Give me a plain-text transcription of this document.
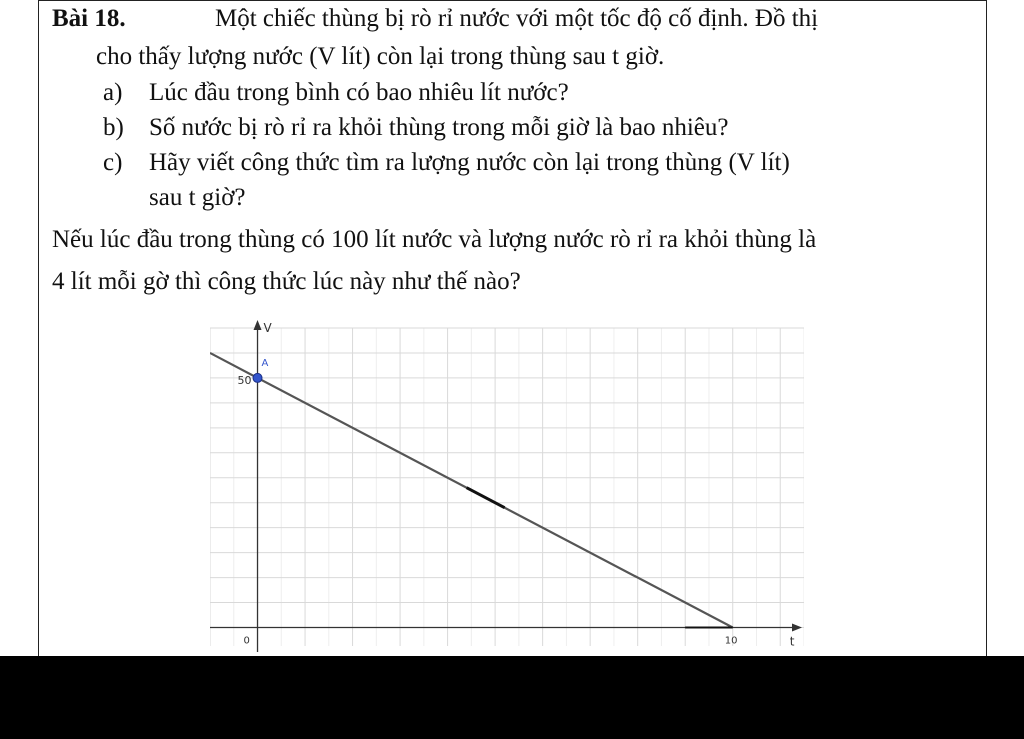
Bài 18.	Một chiếc thùng bị rò rỉ nước với một tốc độ cố định. Đồ thị
cho thấy lượng nước (V lít) còn lại trong thùng sau t giờ.
a) Lúc đầu trong bình có bao nhiêu lít nước?
b) Số nước bị rò rỉ ra khỏi thùng trong mỗi giờ là bao nhiêu?
c) Hãy viết công thức tìm ra lượng nước còn lại trong thùng (V lít)
sau t giờ?
Nếu lúc đầu trong thùng có 100 lít nước và lượng nước rò rỉ ra khỏi thùng là
4 lít mỗi gờ thì công thức lúc này như thế nào?
A
50
10
0
V
t
